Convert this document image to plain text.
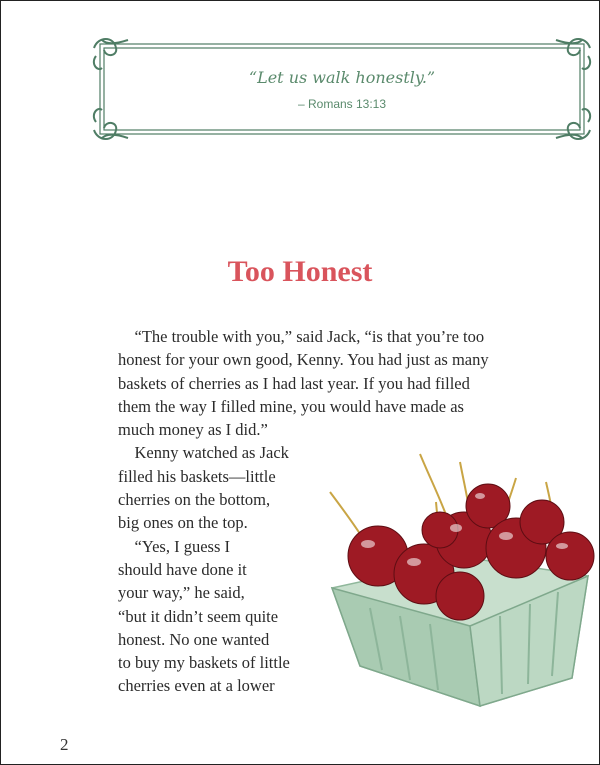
“Let us walk honestly.”
– Romans 13:13
Too Honest
“The trouble with you,” said Jack, “is that you’re too
honest for your own good, Kenny. You had just as many
baskets of cherries as I had last year. If you had filled
them the way I filled mine, you would have made as
much money as I did.”
Kenny watched as Jack
filled his baskets—little
cherries on the bottom,
big ones on the top.
“Yes, I guess I
should have done it
your way,” he said,
“but it didn’t seem quite
honest. No one wanted
to buy my baskets of little
cherries even at a lower
2
